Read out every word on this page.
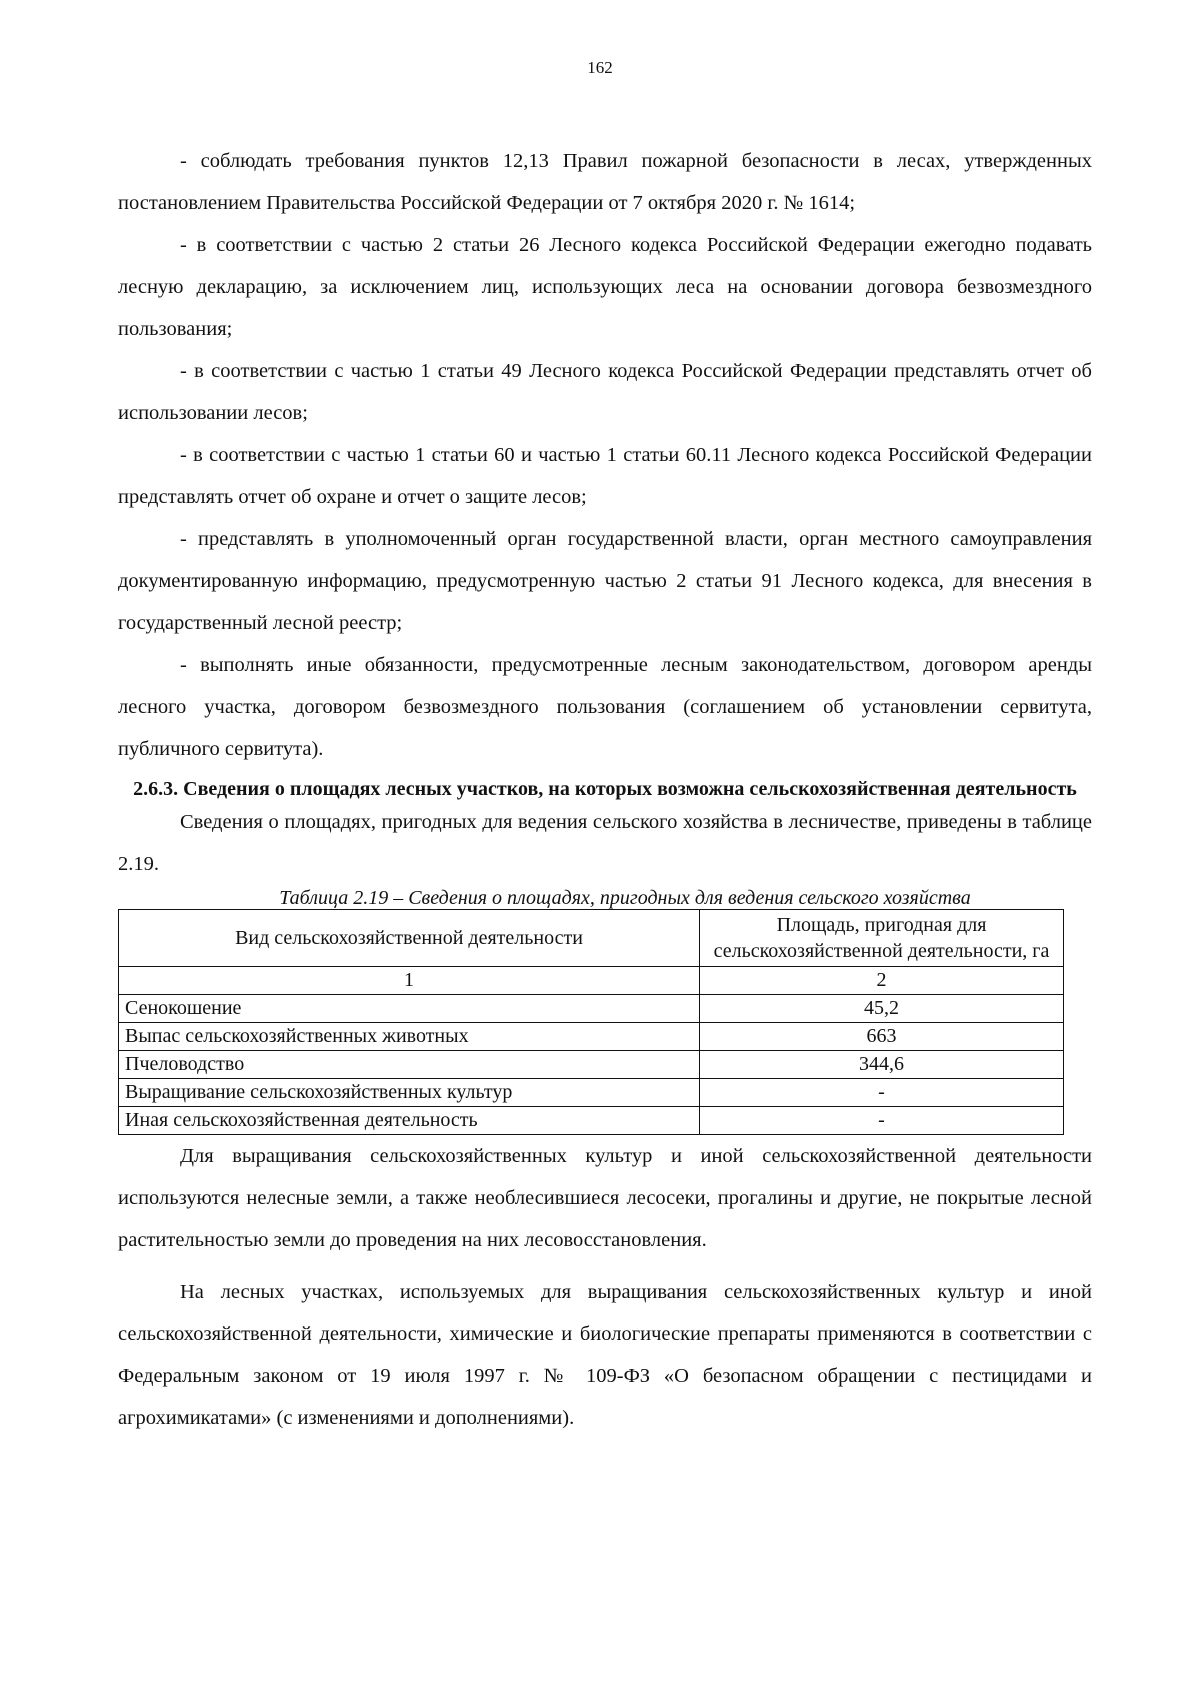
162

- соблюдать требования пунктов 12,13 Правил пожарной безопасности в лесах, утвержденных постановлением Правительства Российской Федерации от 7 октября 2020 г. № 1614;

- в соответствии с частью 2 статьи 26 Лесного кодекса Российской Федерации ежегодно подавать лесную декларацию, за исключением лиц, использующих леса на основании договора безвозмездного пользования;

- в соответствии с частью 1 статьи 49 Лесного кодекса Российской Федерации представлять отчет об использовании лесов;

- в соответствии с частью 1 статьи 60 и частью 1 статьи 60.11 Лесного кодекса Российской Федерации представлять отчет об охране и отчет о защите лесов;

- представлять в уполномоченный орган государственной власти, орган местного самоуправления документированную информацию, предусмотренную частью 2 статьи 91 Лесного кодекса, для внесения в государственный лесной реестр;

- выполнять иные обязанности, предусмотренные лесным законодательством, договором аренды лесного участка, договором безвозмездного пользования (соглашением об установлении сервитута, публичного сервитута).

2.6.3. Сведения о площадях лесных участков, на которых возможна сельскохозяйственная деятельность

Сведения о площадях, пригодных для ведения сельского хозяйства в лесничестве, приведены в таблице 2.19.

Таблица 2.19 – Сведения о площадях, пригодных для ведения сельского хозяйства
Вид сельскохозяйственной деятельности	Площадь, пригодная для сельскохозяйственной деятельности, га
1	2
Сенокошение	45,2
Выпас сельскохозяйственных животных	663
Пчеловодство	344,6
Выращивание сельскохозяйственных культур	-
Иная сельскохозяйственная деятельность	-

Для выращивания сельскохозяйственных культур и иной сельскохозяйственной деятельности используются нелесные земли, а также необлесившиеся лесосеки, прогалины и другие, не покрытые лесной растительностью земли до проведения на них лесовосстановления.

На лесных участках, используемых для выращивания сельскохозяйственных культур и иной сельскохозяйственной деятельности, химические и биологические препараты применяются в соответствии с Федеральным законом от 19 июля 1997 г. № 109-ФЗ «О безопасном обращении с пестицидами и агрохимикатами» (с изменениями и дополнениями).
